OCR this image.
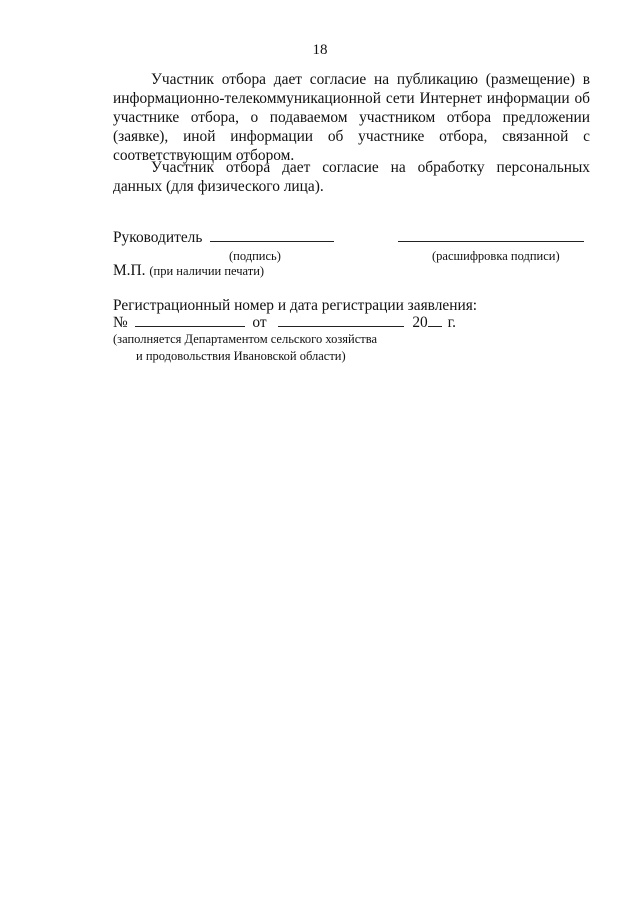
18

Участник отбора дает согласие на публикацию (размещение) в информационно-телекоммуникационной сети Интернет информации об участнике отбора, о подаваемом участником отбора предложении (заявке), иной информации об участнике отбора, связанной с соответствующим отбором.

Участник отбора дает согласие на обработку персональных данных (для физического лица).

Руководитель
(подпись)	(расшифровка подписи)
М.П. (при наличии печати)
Регистрационный номер и дата регистрации заявления:
№	от	20 г.
(заполняется Департаментом сельского хозяйства
и продовольствия Ивановской области)
